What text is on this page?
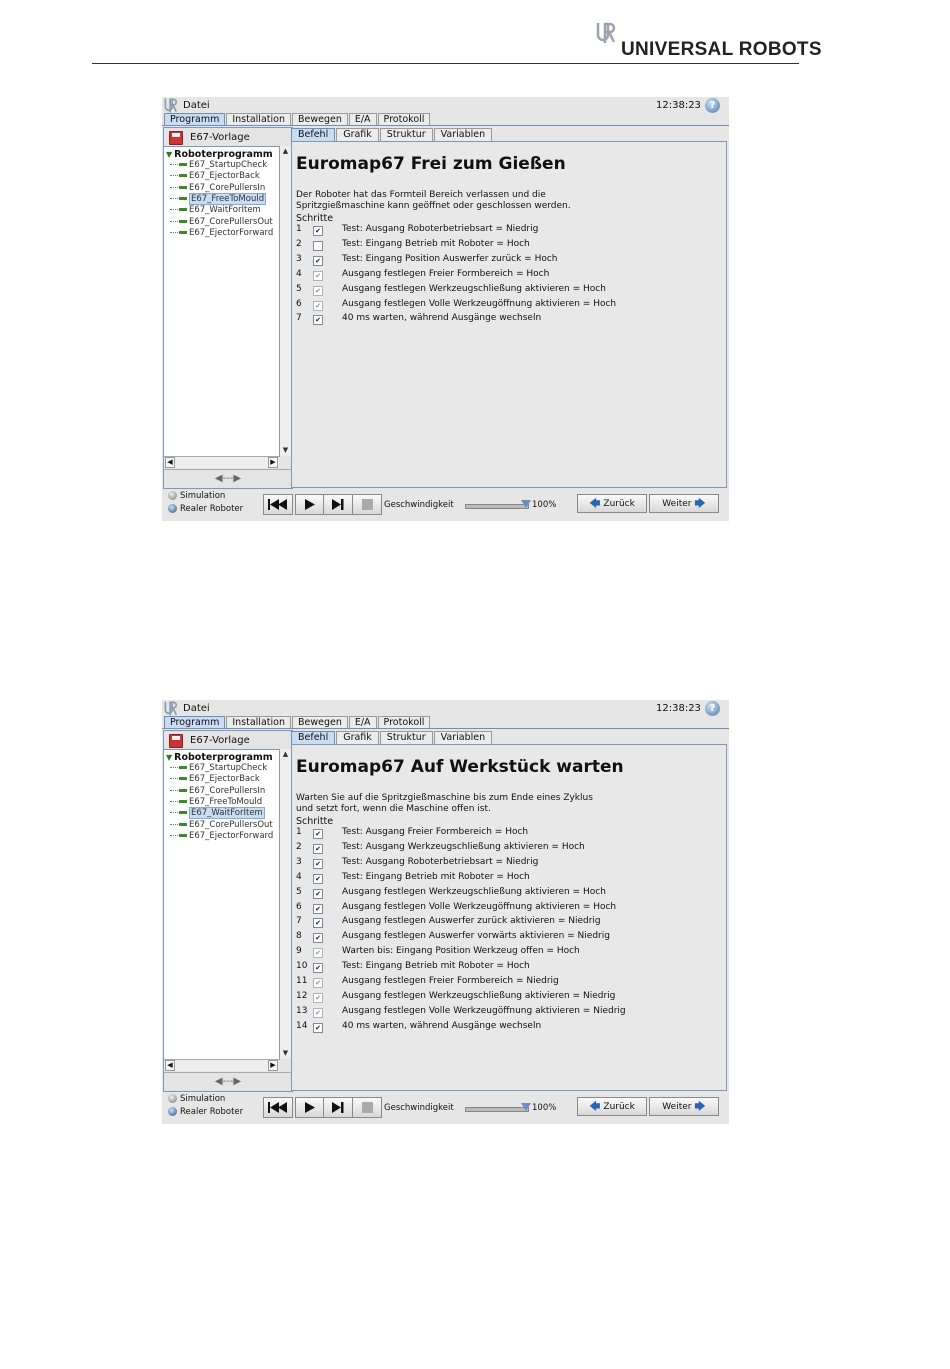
UNIVERSAL ROBOTS
Datei	12:38:23 ?
Programm	Installation	Bewegen	E/A	Protokoll
E67-Vorlage
▼ Roboterprogramm
E67_StartupCheck
E67_EjectorBack
E67_CorePullersIn
E67_FreeToMould
E67_WaitForItem
E67_CorePullersOut
E67_EjectorForward
▲
▼
◀	▶
◀---▶
Befehl	Grafik	Struktur	Variablen
Euromap67 Frei zum Gießen
Der Roboter hat das Formteil Bereich verlassen und die
Spritzgießmaschine kann geöffnet oder geschlossen werden.
Schritte
1 ✔ Test: Ausgang Roboterbetriebsart = Niedrig
2	Test: Eingang Betrieb mit Roboter = Hoch
3 ✔ Test: Eingang Position Auswerfer zurück = Hoch
4 ✔ Ausgang festlegen Freier Formbereich = Hoch
5 ✔ Ausgang festlegen Werkzeugschließung aktivieren = Hoch
6 ✔ Ausgang festlegen Volle Werkzeugöffnung aktivieren = Hoch
7 ✔ 40 ms warten, während Ausgänge wechseln
Simulation
Realer Roboter	Geschwindigkeit	100%	🡄 Zurück	Weiter 🡆
Datei	12:38:23 ?
Programm	Installation	Bewegen	E/A	Protokoll
E67-Vorlage
▼ Roboterprogramm
E67_StartupCheck
E67_EjectorBack
E67_CorePullersIn
E67_FreeToMould
E67_WaitForItem
E67_CorePullersOut
E67_EjectorForward
▲
▼
◀	▶
◀---▶
Befehl	Grafik	Struktur	Variablen
Euromap67 Auf Werkstück warten
Warten Sie auf die Spritzgießmaschine bis zum Ende eines Zyklus
und setzt fort, wenn die Maschine offen ist.
Schritte
1 ✔ Test: Ausgang Freier Formbereich = Hoch
2 ✔ Test: Ausgang Werkzeugschließung aktivieren = Hoch
3 ✔ Test: Ausgang Roboterbetriebsart = Niedrig
4 ✔ Test: Eingang Betrieb mit Roboter = Hoch
5 ✔ Ausgang festlegen Werkzeugschließung aktivieren = Hoch
6 ✔ Ausgang festlegen Volle Werkzeugöffnung aktivieren = Hoch
7 ✔ Ausgang festlegen Auswerfer zurück aktivieren = Niedrig
8 ✔ Ausgang festlegen Auswerfer vorwärts aktivieren = Niedrig
9 ✔ Warten bis: Eingang Position Werkzeug offen = Hoch
10 ✔ Test: Eingang Betrieb mit Roboter = Hoch
11 ✔ Ausgang festlegen Freier Formbereich = Niedrig
12 ✔ Ausgang festlegen Werkzeugschließung aktivieren = Niedrig
13 ✔ Ausgang festlegen Volle Werkzeugöffnung aktivieren = Niedrig
14 ✔ 40 ms warten, während Ausgänge wechseln
Simulation
Realer Roboter	Geschwindigkeit	100%	🡄 Zurück	Weiter 🡆
